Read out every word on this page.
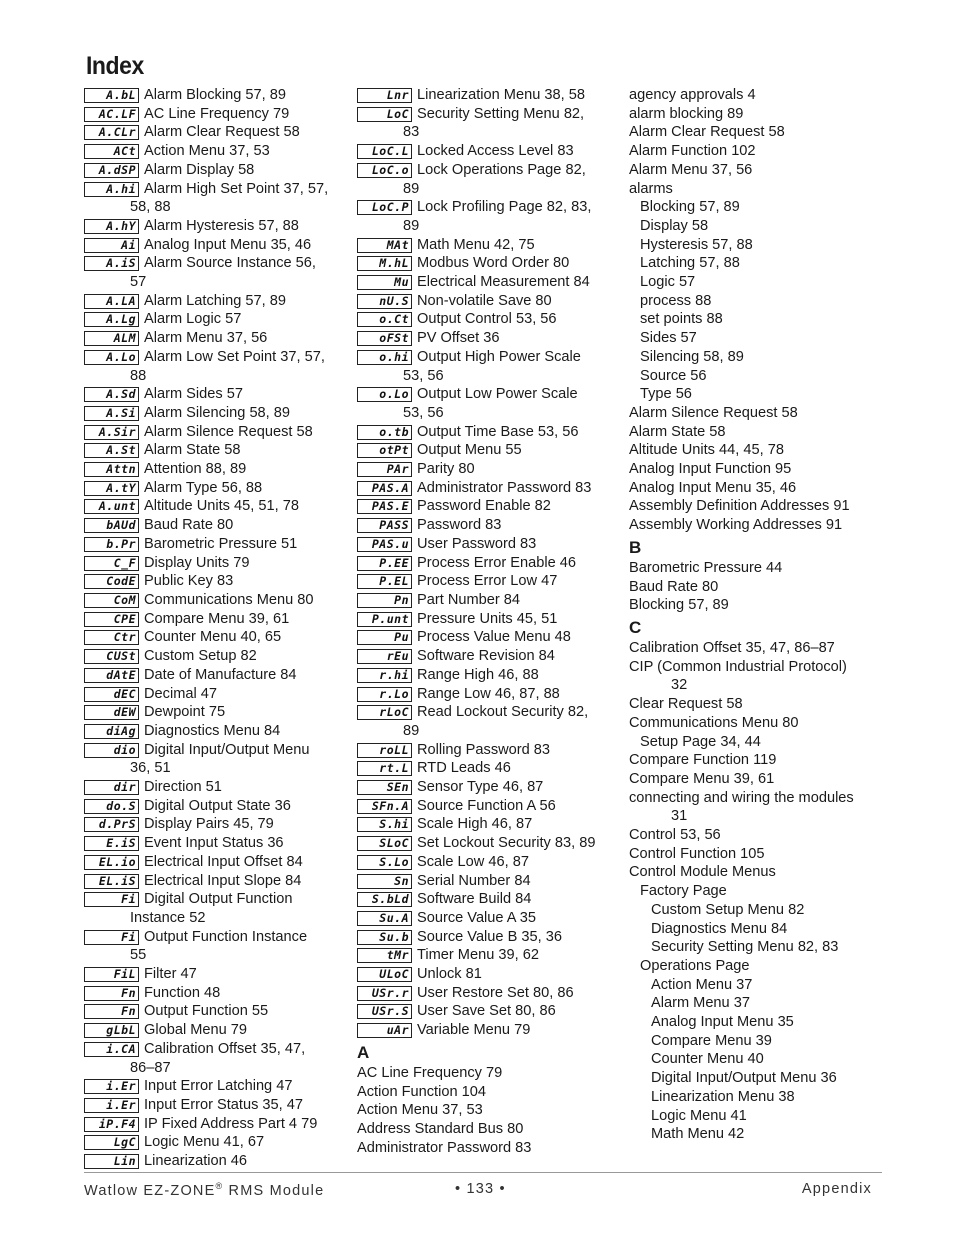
Index
A.bL Alarm Blocking 57, 89
AC.LF AC Line Frequency 79
A.CLr Alarm Clear Request 58
ACt Action Menu 37, 53
A.dSP Alarm Display 58
A.hi Alarm High Set Point 37, 57,
58, 88
A.hY Alarm Hysteresis 57, 88
Ai Analog Input Menu 35, 46
A.iS Alarm Source Instance 56,
57
A.LA Alarm Latching 57, 89
A.Lg Alarm Logic 57
ALM Alarm Menu 37, 56
A.Lo Alarm Low Set Point 37, 57,
88
A.Sd Alarm Sides 57
A.Si Alarm Silencing 58, 89
A.Sir Alarm Silence Request 58
A.St Alarm State 58
Attn Attention 88, 89
A.tY Alarm Type 56, 88
A.unt Altitude Units 45, 51, 78
bAUd Baud Rate 80
b.Pr Barometric Pressure 51
C_F Display Units 79
CodE Public Key 83
CoM Communications Menu 80
CPE Compare Menu 39, 61
Ctr Counter Menu 40, 65
CUSt Custom Setup 82
dAtE Date of Manufacture 84
dEC Decimal 47
dEW Dewpoint 75
diAg Diagnostics Menu 84
dio Digital Input/Output Menu
36, 51
dir Direction 51
do.S Digital Output State 36
d.PrS Display Pairs 45, 79
E.iS Event Input Status 36
EL.io Electrical Input Offset 84
EL.iS Electrical Input Slope 84
Fi Digital Output Function
Instance 52
Fi Output Function Instance
55
FiL Filter 47
Fn Function 48
Fn Output Function 55
gLbL Global Menu 79
i.CA Calibration Offset 35, 47,
86–87
i.Er Input Error Latching 47
i.Er Input Error Status 35, 47
iP.F4 IP Fixed Address Part 4 79
LgC Logic Menu 41, 67
Lin Linearization 46
Lnr Linearization Menu 38, 58
LoC Security Setting Menu 82,
83
LoC.L Locked Access Level 83
LoC.o Lock Operations Page 82,
89
LoC.P Lock Profiling Page 82, 83,
89
MAt Math Menu 42, 75
M.hL Modbus Word Order 80
Mu Electrical Measurement 84
nU.S Non-volatile Save 80
o.Ct Output Control 53, 56
oFSt PV Offset 36
o.hi Output High Power Scale
53, 56
o.Lo Output Low Power Scale
53, 56
o.tb Output Time Base 53, 56
otPt Output Menu 55
PAr Parity 80
PAS.A Administrator Password 83
PAS.E Password Enable 82
PASS Password 83
PAS.u User Password 83
P.EE Process Error Enable 46
P.EL Process Error Low 47
Pn Part Number 84
P.unt Pressure Units 45, 51
Pu Process Value Menu 48
rEu Software Revision 84
r.hi Range High 46, 88
r.Lo Range Low 46, 87, 88
rLoC Read Lockout Security 82,
89
roLL Rolling Password 83
rt.L RTD Leads 46
SEn Sensor Type 46, 87
SFn.A Source Function A 56
S.hi Scale High 46, 87
SLoC Set Lockout Security 83, 89
S.Lo Scale Low 46, 87
Sn Serial Number 84
S.bLd Software Build 84
Su.A Source Value A 35
Su.b Source Value B 35, 36
tMr Timer Menu 39, 62
ULoC Unlock 81
USr.r User Restore Set 80, 86
USr.S User Save Set 80, 86
uAr Variable Menu 79
A
AC Line Frequency 79
Action Function 104
Action Menu 37, 53
Address Standard Bus 80
Administrator Password 83
agency approvals 4
alarm blocking 89
Alarm Clear Request 58
Alarm Function 102
Alarm Menu 37, 56
alarms
Blocking 57, 89
Display 58
Hysteresis 57, 88
Latching 57, 88
Logic 57
process 88
set points 88
Sides 57
Silencing 58, 89
Source 56
Type 56
Alarm Silence Request 58
Alarm State 58
Altitude Units 44, 45, 78
Analog Input Function 95
Analog Input Menu 35, 46
Assembly Definition Addresses 91
Assembly Working Addresses 91
B
Barometric Pressure 44
Baud Rate 80
Blocking 57, 89
C
Calibration Offset 35, 47, 86–87
CIP (Common Industrial Protocol)
32
Clear Request 58
Communications Menu 80
Setup Page 34, 44
Compare Function 119
Compare Menu 39, 61
connecting and wiring the modules
31
Control 53, 56
Control Function 105
Control Module Menus
Factory Page
Custom Setup Menu 82
Diagnostics Menu 84
Security Setting Menu 82, 83
Operations Page
Action Menu 37
Alarm Menu 37
Analog Input Menu 35
Compare Menu 39
Counter Menu 40
Digital Input/Output Menu 36
Linearization Menu 38
Logic Menu 41
Math Menu 42
Watlow EZ-ZONE® RMS Module	• 133 •	Appendix
